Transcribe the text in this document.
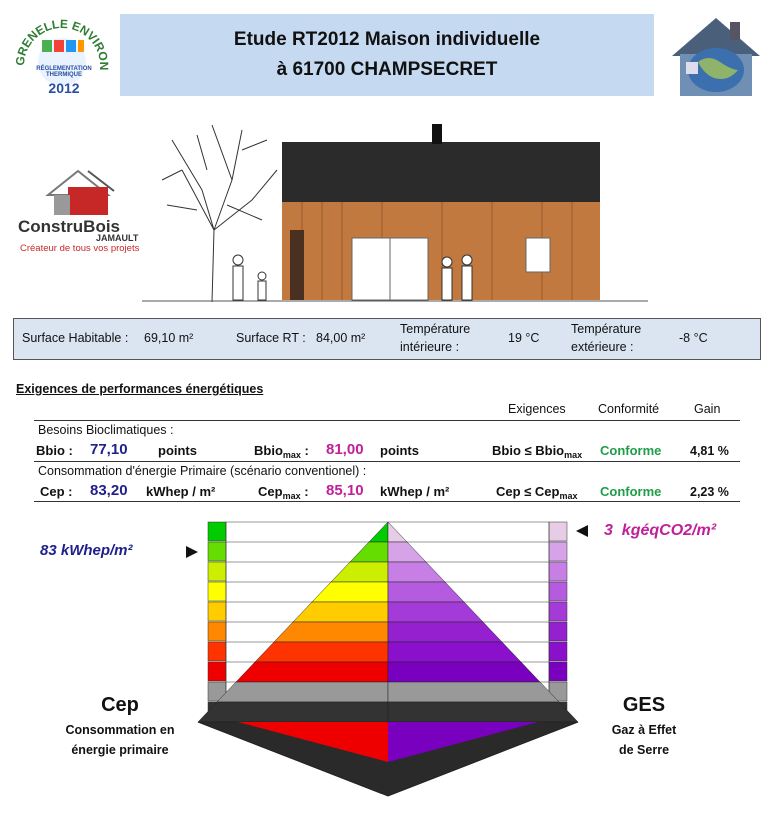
GRENELLE ENVIRON
RÉGLEMENTATION THERMIQUE
2012
Etude RT2012 Maison individuelle
à 61700 CHAMPSECRET
ConstruBois
JAMAULT
Créateur de tous vos projets
Surface Habitable : 69,10 m²	Surface RT : 84,00 m²
Température
intérieure :
19 °C
Température
extérieure :
-8 °C
Exigences de performances énergétiques
Exigences	Conformité	Gain
Besoins Bioclimatiques :
Bbio : 77,10 points	Bbio$_{max}$ : 81,00 points	Bbio ≤ Bbio$_{max}$ Conforme 4,81 %
Consommation d'énergie Primaire (scénario conventionel) :
Cep : 83,20 kWhep / m²	Cep$_{max}$ : 85,10 kWhep / m²	Cep ≤ Cep$_{max}$ Conforme 2,23 %
83 kWhep/m²
3  kgéqCO2/m²
Cep
Consommation en
énergie primaire
GES
Gaz à Effet
de Serre
